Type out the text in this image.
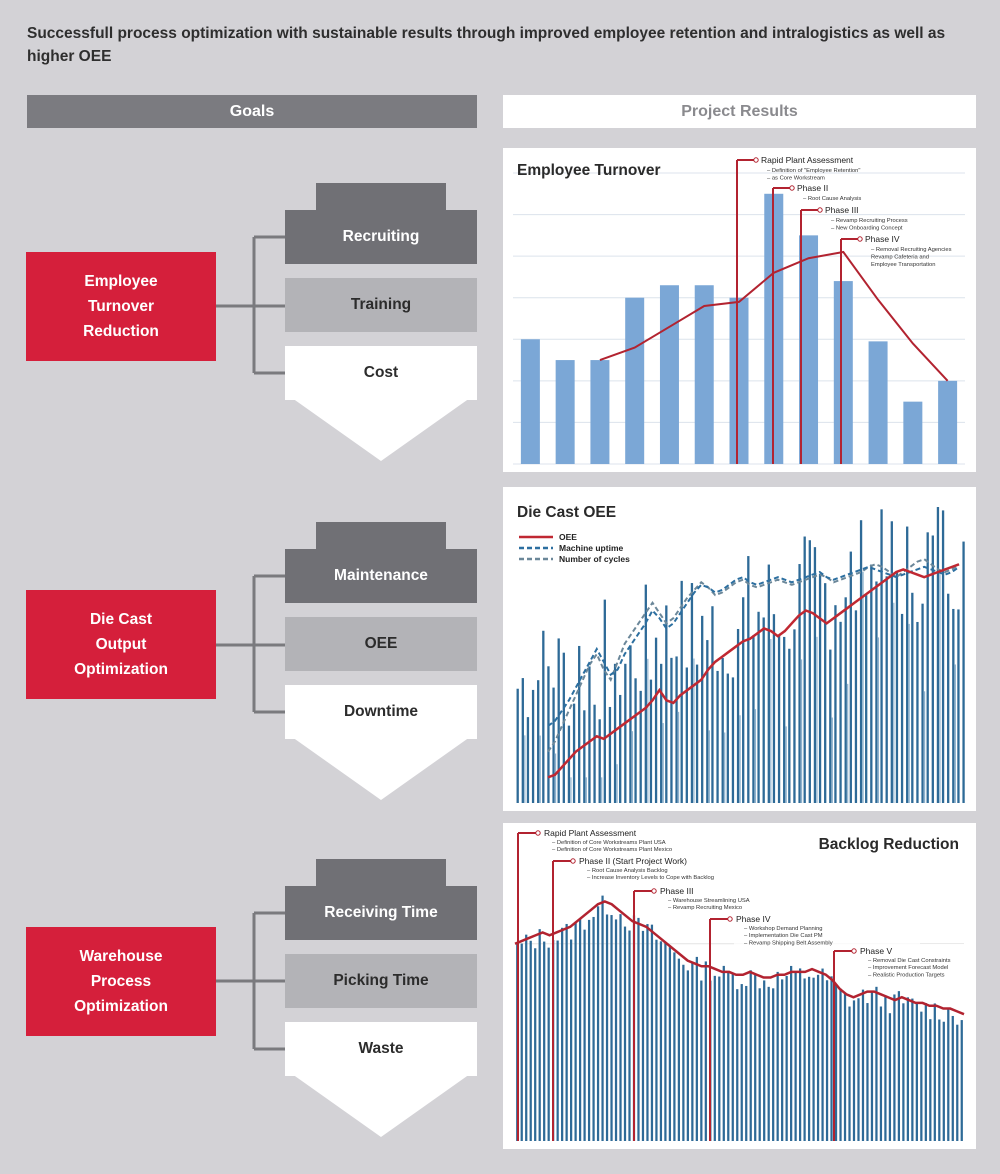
Successfull process optimization with sustainable results through improved employee retention and intralogistics as well as higher OEE
Goals	Project Results
Employee
Turnover
Reduction
Recruiting
Training
Cost
Die Cast
Output
Optimization
Maintenance
OEE
Downtime
Warehouse
Process
Optimization
Receiving Time
Picking Time
Waste
Employee Turnover
Rapid Plant Assessment
– Definition of "Employee Retention"
– as Core Workstream
Phase II
– Root Cause Analysis
Phase III
– Revamp Recruiting Process
– New Onboarding Concept
Phase IV
– Removal Recruiting Agencies
Revamp Cafeteria and
Employee Transportation
Die Cast OEE
OEE
Machine uptime
Number of cycles
Backlog Reduction
Rapid Plant Assessment
– Definition of Core Workstreams Plant USA
– Definition of Core Workstreams Plant Mexico
Phase II (Start Project Work)
– Root Cause Analysis Backlog
– Increase Inventory Levels to Cope with Backlog
Phase III
– Warehouse Streamlining USA
– Revamp Recruiting Mexico
Phase IV
– Workshop Demand Planning
– Implementation Die Cast PM
– Revamp Shipping Belt Assembly
Phase V
– Removal Die Cast Constraints
– Improvement Forecast Model
– Realistic Production Targets
